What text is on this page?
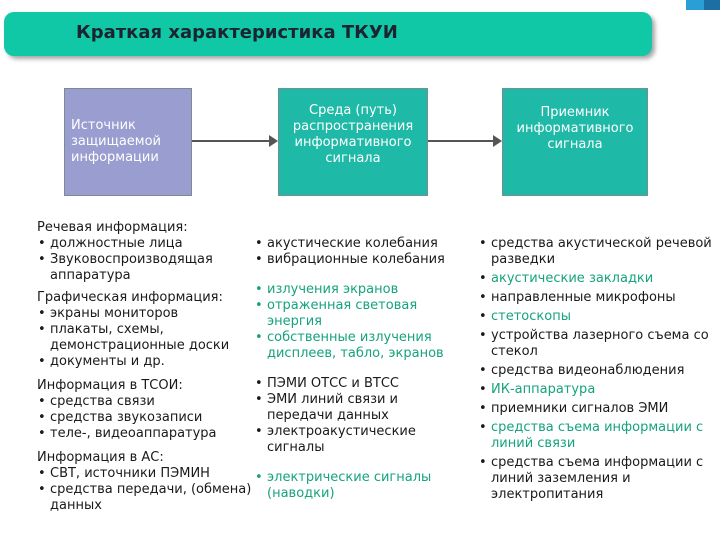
Краткая характеристика ТКУИ
Источник защищаемой информации
Среда (путь)
распространения
информативного
сигнала
Приемник
информативного
сигнала
Речевая информация:
• должностные лица
• Звуковоспроизводящая аппаратура
Графическая информация:
• экраны мониторов
• плакаты, схемы, демонстрационные доски
• документы и др.
Информация в ТСОИ:
• средства связи
• средства звукозаписи
• теле-, видеоаппаратура
Информация в АС:
• СВТ, источники ПЭМИН
• средства передачи, (обмена) данных
• акустические колебания
• вибрационные колебания
• излучения экранов
• отраженная световая энергия
• собственные излучения дисплеев, табло, экранов
• ПЭМИ ОТСС и ВТСС
• ЭМИ линий связи и передачи данных
• электроакустические сигналы
• электрические сигналы (наводки)
• средства акустической речевой разведки
• акустические закладки
• направленные микрофоны
• стетоскопы
• устройства лазерного съема со стекол
• средства видеонаблюдения
• ИК-аппаратура
• приемники сигналов ЭМИ
• средства съема информации с линий связи
• средства съема информации с линий заземления и электропитания
